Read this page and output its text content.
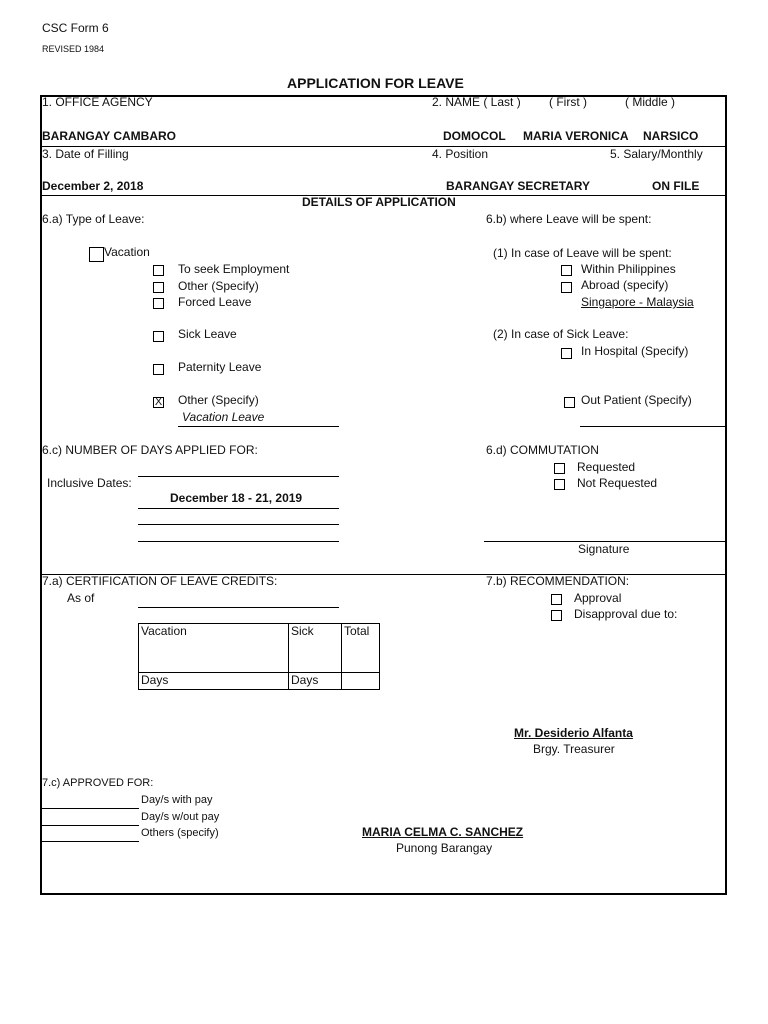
CSC Form 6
REVISED 1984
APPLICATION FOR LEAVE
1. OFFICE AGENCY	2. NAME ( Last ) ( First )	( Middle )
BARANGAY CAMBARO	DOMOCOL MARIA VERONICA NARSICO
3. Date of Filling	4. Position	5. Salary/Monthly
December 2, 2018	BARANGAY SECRETARY	ON FILE
DETAILS OF APPLICATION
6.a) Type of Leave:
Vacation
To seek Employment
Other (Specify)
Forced Leave
Sick Leave
Paternity Leave
X Other (Specify)
Vacation Leave
6.b) where Leave will be spent:
(1) In case of Leave will be spent:
Within Philippines
Abroad (specify)
Singapore - Malaysia
(2) In case of Sick Leave:
In Hospital (Specify)
Out Patient (Specify)
6.c) NUMBER OF DAYS APPLIED FOR:
Inclusive Dates:
December 18 - 21, 2019
6.d) COMMUTATION
Requested
Not Requested
Signature
7.a) CERTIFICATION OF LEAVE CREDITS:
As of
Vacation	Sick	Total
Days	Days	
7.b) RECOMMENDATION:
Approval
Disapproval due to:
Mr. Desiderio Alfanta
Brgy. Treasurer
7.c) APPROVED FOR:
Day/s with pay
Day/s w/out pay
Others (specify)	MARIA CELMA C. SANCHEZ
Punong Barangay
